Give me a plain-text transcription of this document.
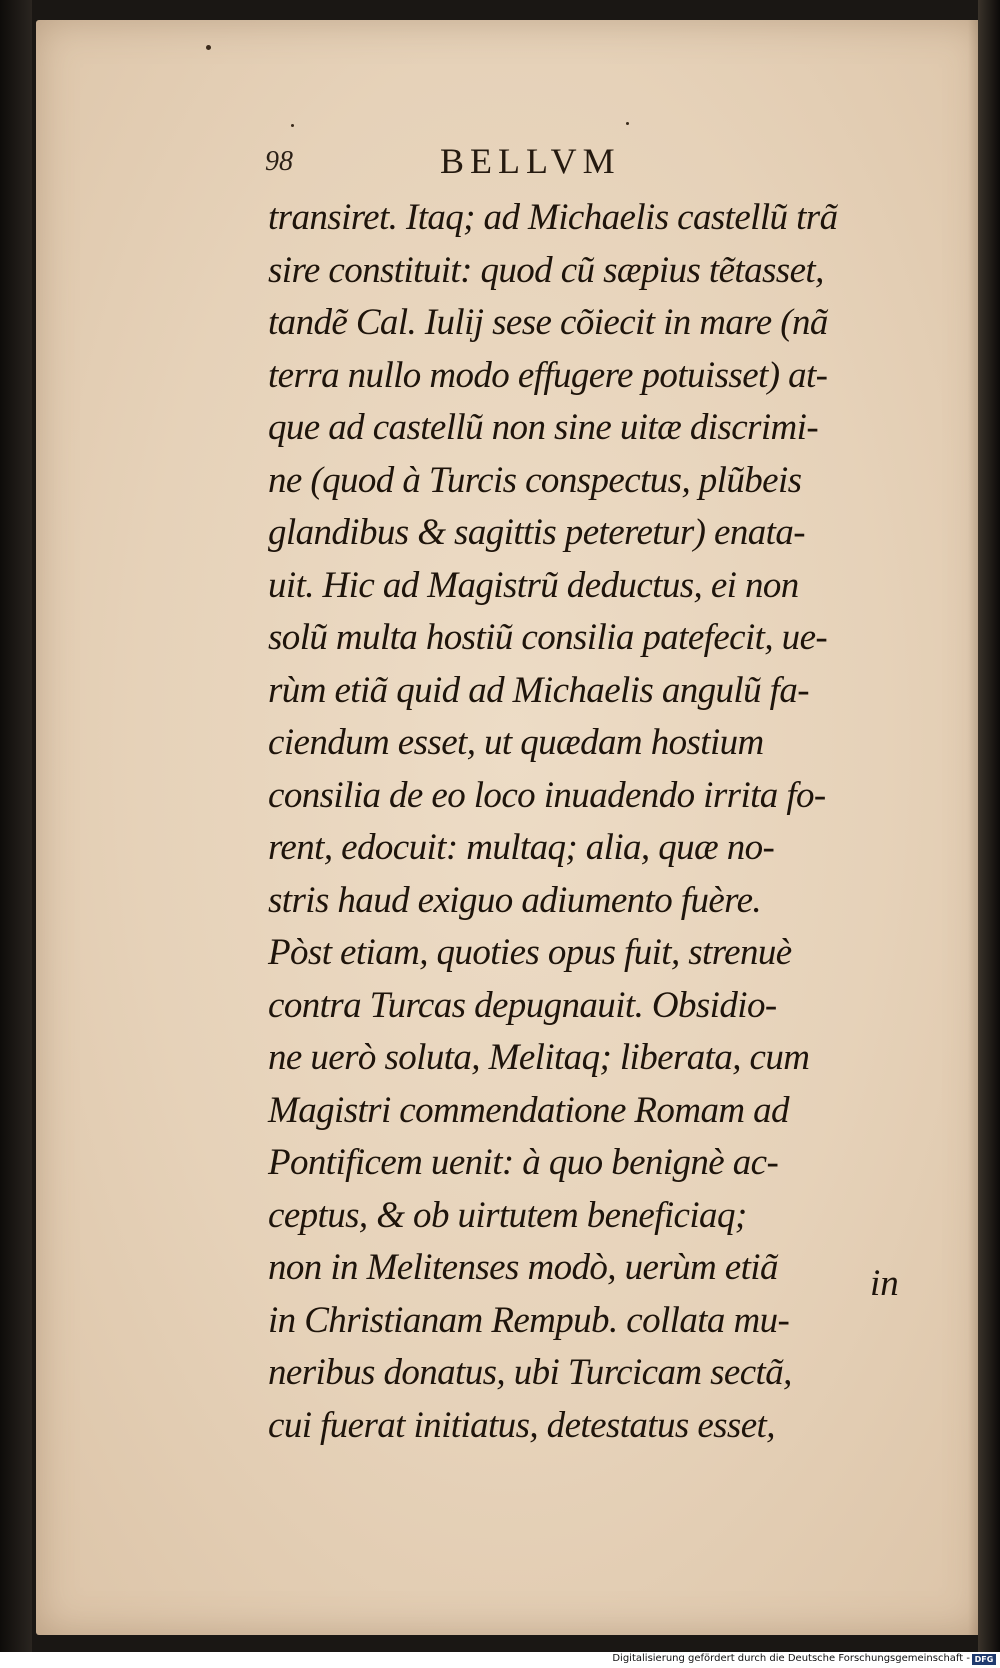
98	BELLVM
transiret. Itaq; ad Michaelis castellũ trã
sire constituit: quod cũ sæpius tẽtasset,
tandẽ Cal. Iulij sese cõiecit in mare (nã
terra nullo modo effugere potuisset) at-
que ad castellũ non sine uitæ discrimi-
ne (quod à Turcis conspectus, plũbeis
glandibus & sagittis peteretur) enata-
uit. Hic ad Magistrũ deductus, ei non
solũ multa hostiũ consilia patefecit, ue-
rùm etiã quid ad Michaelis angulũ fa-
ciendum esset, ut quædam hostium
consilia de eo loco inuadendo irrita fo-
rent, edocuit: multaq; alia, quæ no-
stris haud exiguo adiumento fuère.
Pòst etiam, quoties opus fuit, strenuè
contra Turcas depugnauit. Obsidio-
ne uerò soluta, Melitaq; liberata, cum
Magistri commendatione Romam ad
Pontificem uenit: à quo benignè ac-
ceptus, & ob uirtutem beneficiaq;
non in Melitenses modò, uerùm etiã
in Christianam Rempub. collata mu-
neribus donatus, ubi Turcicam sectã,
cui fuerat initiatus, detestatus esset,
in
Digitalisierung gefördert durch die Deutsche Forschungsgemeinschaft - DFG
